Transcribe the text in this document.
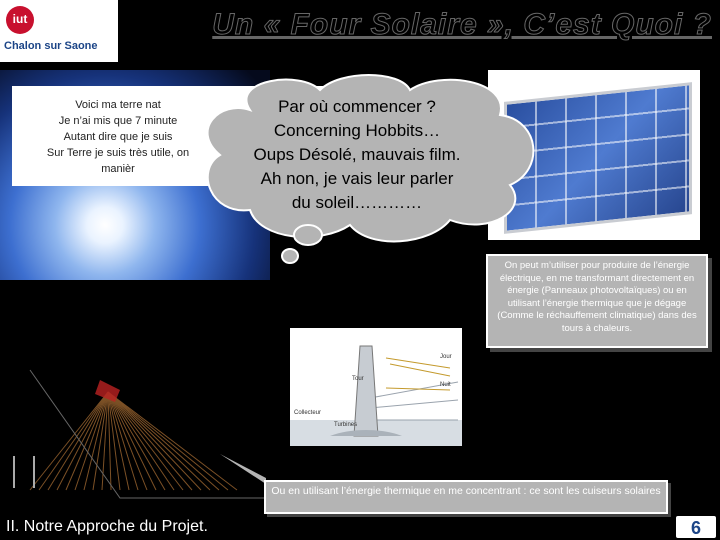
iut
Chalon sur Saone
Un « Four Solaire », C’est Quoi ?

Voici ma terre nat

Je n’ai mis que 7 minute

Autant dire que je suis

Sur Terre je suis très utile, on

manièr

Par où commencer ?
Concerning Hobbits…
Oups Désolé, mauvais film.
Ah non, je vais leur parler
du soleil…………

On peut m’utiliser pour produire de l’énergie électrique, en me transformant directement en énergie (Panneaux photovoltaïques) ou en utilisant l’énergie thermique que je dégage (Comme le réchauffement climatique) dans des tours à chaleurs.

Jour
Tour
Nuit
Turbines
Collecteur

Ou en utilisant l’énergie thermique en me concentrant : ce sont les cuiseurs solaires

II. Notre Approche du Projet.	6
